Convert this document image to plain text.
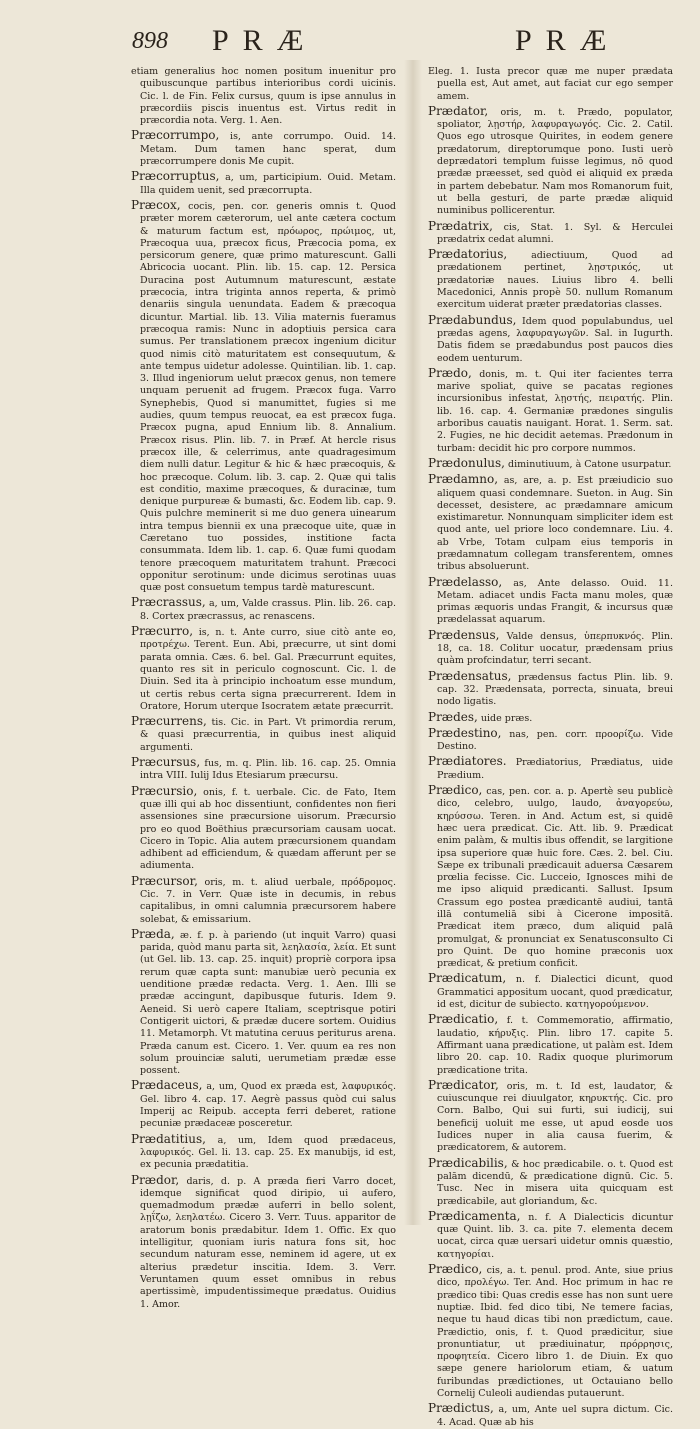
898 PRÆ	PRÆ
etiam generalius hoc nomen positum inuenitur pro quibuscunque partibus interioribus cordi uicinis. Cic. l. de Fin. Felix cursus, quum is ipse annulus in præcordiis piscis inuentus est. Virtus redit in præcordia nota. Verg. 1. Aen.
Præcorrumpo, is, ante corrumpo. Ouid. 14. Metam. Dum tamen hanc sperat, dum præcorrumpere donis Me cupit.
Præcorruptus, a, um, participium. Ouid. Metam. Illa quidem uenit, sed præcorrupta.
Præcox, cocis, pen. cor. generis omnis t. Quod præter morem cæterorum, uel ante cætera coctum & maturum factum est, πρόωρος, πρώιμος, ut, Præcoqua uua, præcox ficus, Præcocia poma, ex persicorum genere, quæ primo maturescunt. Galli Abricocia uocant. Plin. lib. 15. cap. 12. Persica Duracina post Autumnum maturescunt, æstate præcocia, intra triginta annos reperta, & primò denariis singula uenundata. Eadem & præcoqua dicuntur. Martial. lib. 13. Vilia maternis fueramus præcoqua ramis: Nunc in adoptiuis persica cara sumus. Per translationem præcox ingenium dicitur quod nimis citò maturitatem est consequutum, & ante tempus uidetur adolesse. Quintilian. lib. 1. cap. 3. Illud ingeniorum uelut præcox genus, non temere unquam peruenit ad frugem. Præcox fuga. Varro Synephebis, Quod si manumittet, fugies si me audies, quum tempus reuocat, ea est præcox fuga. Præcox pugna, apud Ennium lib. 8. Annalium. Præcox risus. Plin. lib. 7. in Præf. At hercle risus præcox ille, & celerrimus, ante quadragesimum diem nulli datur. Legitur & hic & hæc præcoquis, & hoc præcoque. Colum. lib. 3. cap. 2. Quæ qui talis est conditio, maxime præcoques, & duracinæ, tum denique purpureæ & bumasti, &c. Eodem lib. cap. 9. Quis pulchre meminerit si me duo genera uinearum intra tempus biennii ex una præcoque uite, quæ in Cæretano tuo possides, institione facta consummata. Idem lib. 1. cap. 6. Quæ fumi quodam tenore præcoquem maturitatem trahunt. Præcoci opponitur serotinum: unde dicimus serotinas uuas quæ post consuetum tempus tardè maturescunt.
Præcrassus, a, um, Valde crassus. Plin. lib. 26. cap. 8. Cortex præcrassus, ac renascens.
Præcurro, is, n. t. Ante curro, siue citò ante eo, προτρέχω. Terent. Eun. Abi, præcurre, ut sint domi parata omnia. Cæs. 6. bel. Gal. Præcurrunt equites, quanto res sit in periculo cognoscunt. Cic. l. de Diuin. Sed ita à principio inchoatum esse mundum, ut certis rebus certa signa præcurrerent. Idem in Oratore, Horum uterque Isocratem ætate præcurrit.
Præcurrens, tis. Cic. in Part. Vt primordia rerum, & quasi præcurrentia, in quibus inest aliquid argumenti.
Præcursus, fus, m. q. Plin. lib. 16. cap. 25. Omnia intra VIII. Iulij Idus Etesiarum præcursu.
Præcursio, onis, f. t. uerbale. Cic. de Fato, Item quæ illi qui ab hoc dissentiunt, confidentes non fieri assensiones sine præcursione uisorum. Præcursio pro eo quod Boëthius præcursoriam causam uocat. Cicero in Topic. Alia autem præcursionem quandam adhibent ad efficiendum, & quædam afferunt per se adiumenta.
Præcursor, oris, m. t. aliud uerbale, πρόδρομος. Cic. 7. in Verr. Quæ iste in decumis, in rebus capitalibus, in omni calumnia præcursorem habere solebat, & emissarium.
Præda, æ. f. p. à pariendo (ut inquit Varro) quasi parida, quòd manu parta sit, λεηλασία, λεία. Et sunt (ut Gel. lib. 13. cap. 25. inquit) propriè corpora ipsa rerum quæ capta sunt: manubiæ uerò pecunia ex uenditione prædæ redacta. Verg. 1. Aen. Illi se prædæ accingunt, dapibusque futuris. Idem 9. Aeneid. Si uerò capere Italiam, sceptrisque potiri Contigerit uictori, & prædæ ducere sortem. Ouidius 11. Metamorph. Vt matutina ceruus periturus arena. Præda canum est. Cicero. 1. Ver. quum ea res non solum prouinciæ saluti, uerumetiam prædæ esse possent.
Prædaceus, a, um, Quod ex præda est, λαφυρικός. Gel. libro 4. cap. 17. Aegrè passus quòd cui salus Imperij ac Reipub. accepta ferri deberet, ratione pecuniæ prædaceæ posceretur.
Prædatitius, a, um, Idem quod prædaceus, λαφυρικός. Gel. li. 13. cap. 25. Ex manubijs, id est, ex pecunia prædatitia.
Prædor, daris, d. p. A præda fieri Varro docet, idemque significat quod diripio, ui aufero, quemadmodum prædæ auferri in bello solent, λῃΐζω, λεηλατέω. Cicero 3. Verr. Tuus. apparitor de aratorum bonis prædabitur. Idem 1. Offic. Ex quo intelligitur, quoniam iuris natura fons sit, hoc secundum naturam esse, neminem id agere, ut ex alterius prædetur inscitia. Idem. 3. Verr. Veruntamen quum esset omnibus in rebus apertissimè, impudentissimeque prædatus. Ouidius 1. Amor.
Eleg. 1. Iusta precor quæ me nuper prædata puella est, Aut amet, aut faciat cur ego semper amem.
Prædator, oris, m. t. Prædo, populator, spoliator, λῃστήρ, λαφυραγωγός. Cic. 2. Catil. Quos ego utrosque Quirites, in eodem genere prædatorum, direptorumque pono. Iusti uerò deprædatori templum fuisse legimus, nō quod prædæ præesset, sed quòd ei aliquid ex præda in partem debebatur. Nam mos Romanorum fuit, ut bella gesturi, de parte prædæ aliquid numinibus pollicerentur.
Prædatrix, cis, Stat. 1. Syl. & Herculei prædatrix cedat alumni.
Prædatorius,	adiectiuum, Quod ad prædationem pertinet, λῃστρικός, ut prædatoriæ naues. Liuius libro 4. belli Macedonici, Annis propè 50. nullum Romanum exercitum uiderat præter prædatorias classes.
Prædabundus, Idem quod populabundus, uel prædas agens, λαφυραγωγῶν. Sal. in Iugurth. Datis fidem se prædabundus post paucos dies eodem uenturum.
Prædo, donis, m. t. Qui iter facientes terra marive spoliat, quive se pacatas regiones incursionibus infestat, λῃστής, πειρατής. Plin. lib. 16. cap. 4. Germaniæ prædones singulis arboribus cauatis nauigant. Horat. 1. Serm. sat. 2. Fugies, ne hic decidit aetemas. Prædonum in turbam: decidit hic pro corpore nummos.
Prædonulus, diminutiuum, à Catone usurpatur.
Prædamno, as, are, a. p. Est præiudicio suo aliquem quasi condemnare. Sueton. in Aug. Sin decesset, desistere, ac prædamnare amicum existimaretur. Nonnunquam simpliciter idem est quod ante, uel priore loco condemnare. Liu. 4. ab Vrbe, Totam culpam eius temporis in prædamnatum collegam transferentem, omnes tribus absoluerunt.
Prædelasso, as, Ante delasso. Ouid. 11. Metam. adiacet undis Facta manu moles, quæ primas æquoris undas Frangit, & incursus quæ prædelassat aquarum.
Prædensus, Valde densus, ὑπερπυκνός. Plin. 18, ca. 18. Colitur uocatur, prædensam prius quàm profcindatur, terri secant.
Prædensatus, prædensus factus Plin. lib. 9. cap. 32. Prædensata, porrecta, sinuata, breui nodo ligatis.
Prædes, uide præs.
Prædestino, nas, pen. corr. προορίζω. Vide Destino.
Prædiatores. Prædiatorius, Prædiatus, uide Prædium.
Prædico, cas, pen. cor. a. p. Apertè seu publicè dico, celebro, uulgo, laudo, ἀναγορεύω, κηρύσσω. Teren. in And. Actum est, si quidē hæc uera prædicat. Cic. Att. lib. 9. Prædicat enim palàm, & multis ibus offendit, se largitione ipsa superiore quæ huic fore. Cæs. 2. bel. Ciu. Sæpe ex tribunali prædicauit aduersa Cæsarem prœlia fecisse. Cic. Lucceio, Ignosces mihi de me ipso aliquid prædicanti. Sallust. Ipsum Crassum ego postea prædicantē audiui, tantā illā contumeliā sibi à Cicerone impositā. Prædicat item præco, dum aliquid palā promulgat, & pronunciat ex Senatusconsulto Ci pro Quint. De quo homine præconis uox prædicat, & pretium conficit.
Prædicatum, n. f. Dialectici dicunt, quod Grammatici appositum uocant, quod prædicatur, id est, dicitur de subiecto. κατηγορούμενον.
Prædicatio, f. t. Commemoratio, affirmatio, laudatio, κήρυξις. Plin. libro 17. capite 5. Affirmant uana prædicatione, ut palàm est. Idem libro 20. cap. 10. Radix quoque plurimorum prædicatione trita.
Prædicator, oris, m. t. Id est, laudator, & cuiuscunque rei diuulgator, κηρυκτής. Cic. pro Corn. Balbo, Qui sui furti, sui iudicij, sui beneficij uoluit me esse, ut apud eosde uos Iudices nuper in alia causa fuerim, & prædicatorem, & autorem.
Prædicabilis, & hoc prædicabile. o. t. Quod est palām dicendū, & prædicatione dignū. Cic. 5. Tusc. Nec in misera uita quicquam est prædicabile, aut gloriandum, &c.
Prædicamenta, n. f. A Dialecticis dicuntur quæ Quint. lib. 3. ca. pite 7. elementa decem uocat, circa quæ uersari uidetur omnis quæstio, κατηγορίαι.
Prædico, cis, a. t. penul. prod. Ante, siue prius dico, προλέγω. Ter. And. Hoc primum in hac re prædico tibi: Quas credis esse has non sunt uere nuptiæ. Ibid. fed dico tibi, Ne temere facias, neque tu haud dicas tibi non prædictum, caue. Prædictio, onis, f. t. Quod prædicitur, siue pronuntiatur, ut prædiuinatur, πρόρρησις, προφητεία. Cicero libro 1. de Diuin. Ex quo sæpe genere hariolorum etiam, & uatum furibundas prædictiones, ut Octauiano bello Cornelij Culeoli audiendas putauerunt.
Prædictus, a, um, Ante uel supra dictum. Cic. 4. Acad. Quæ ab his
